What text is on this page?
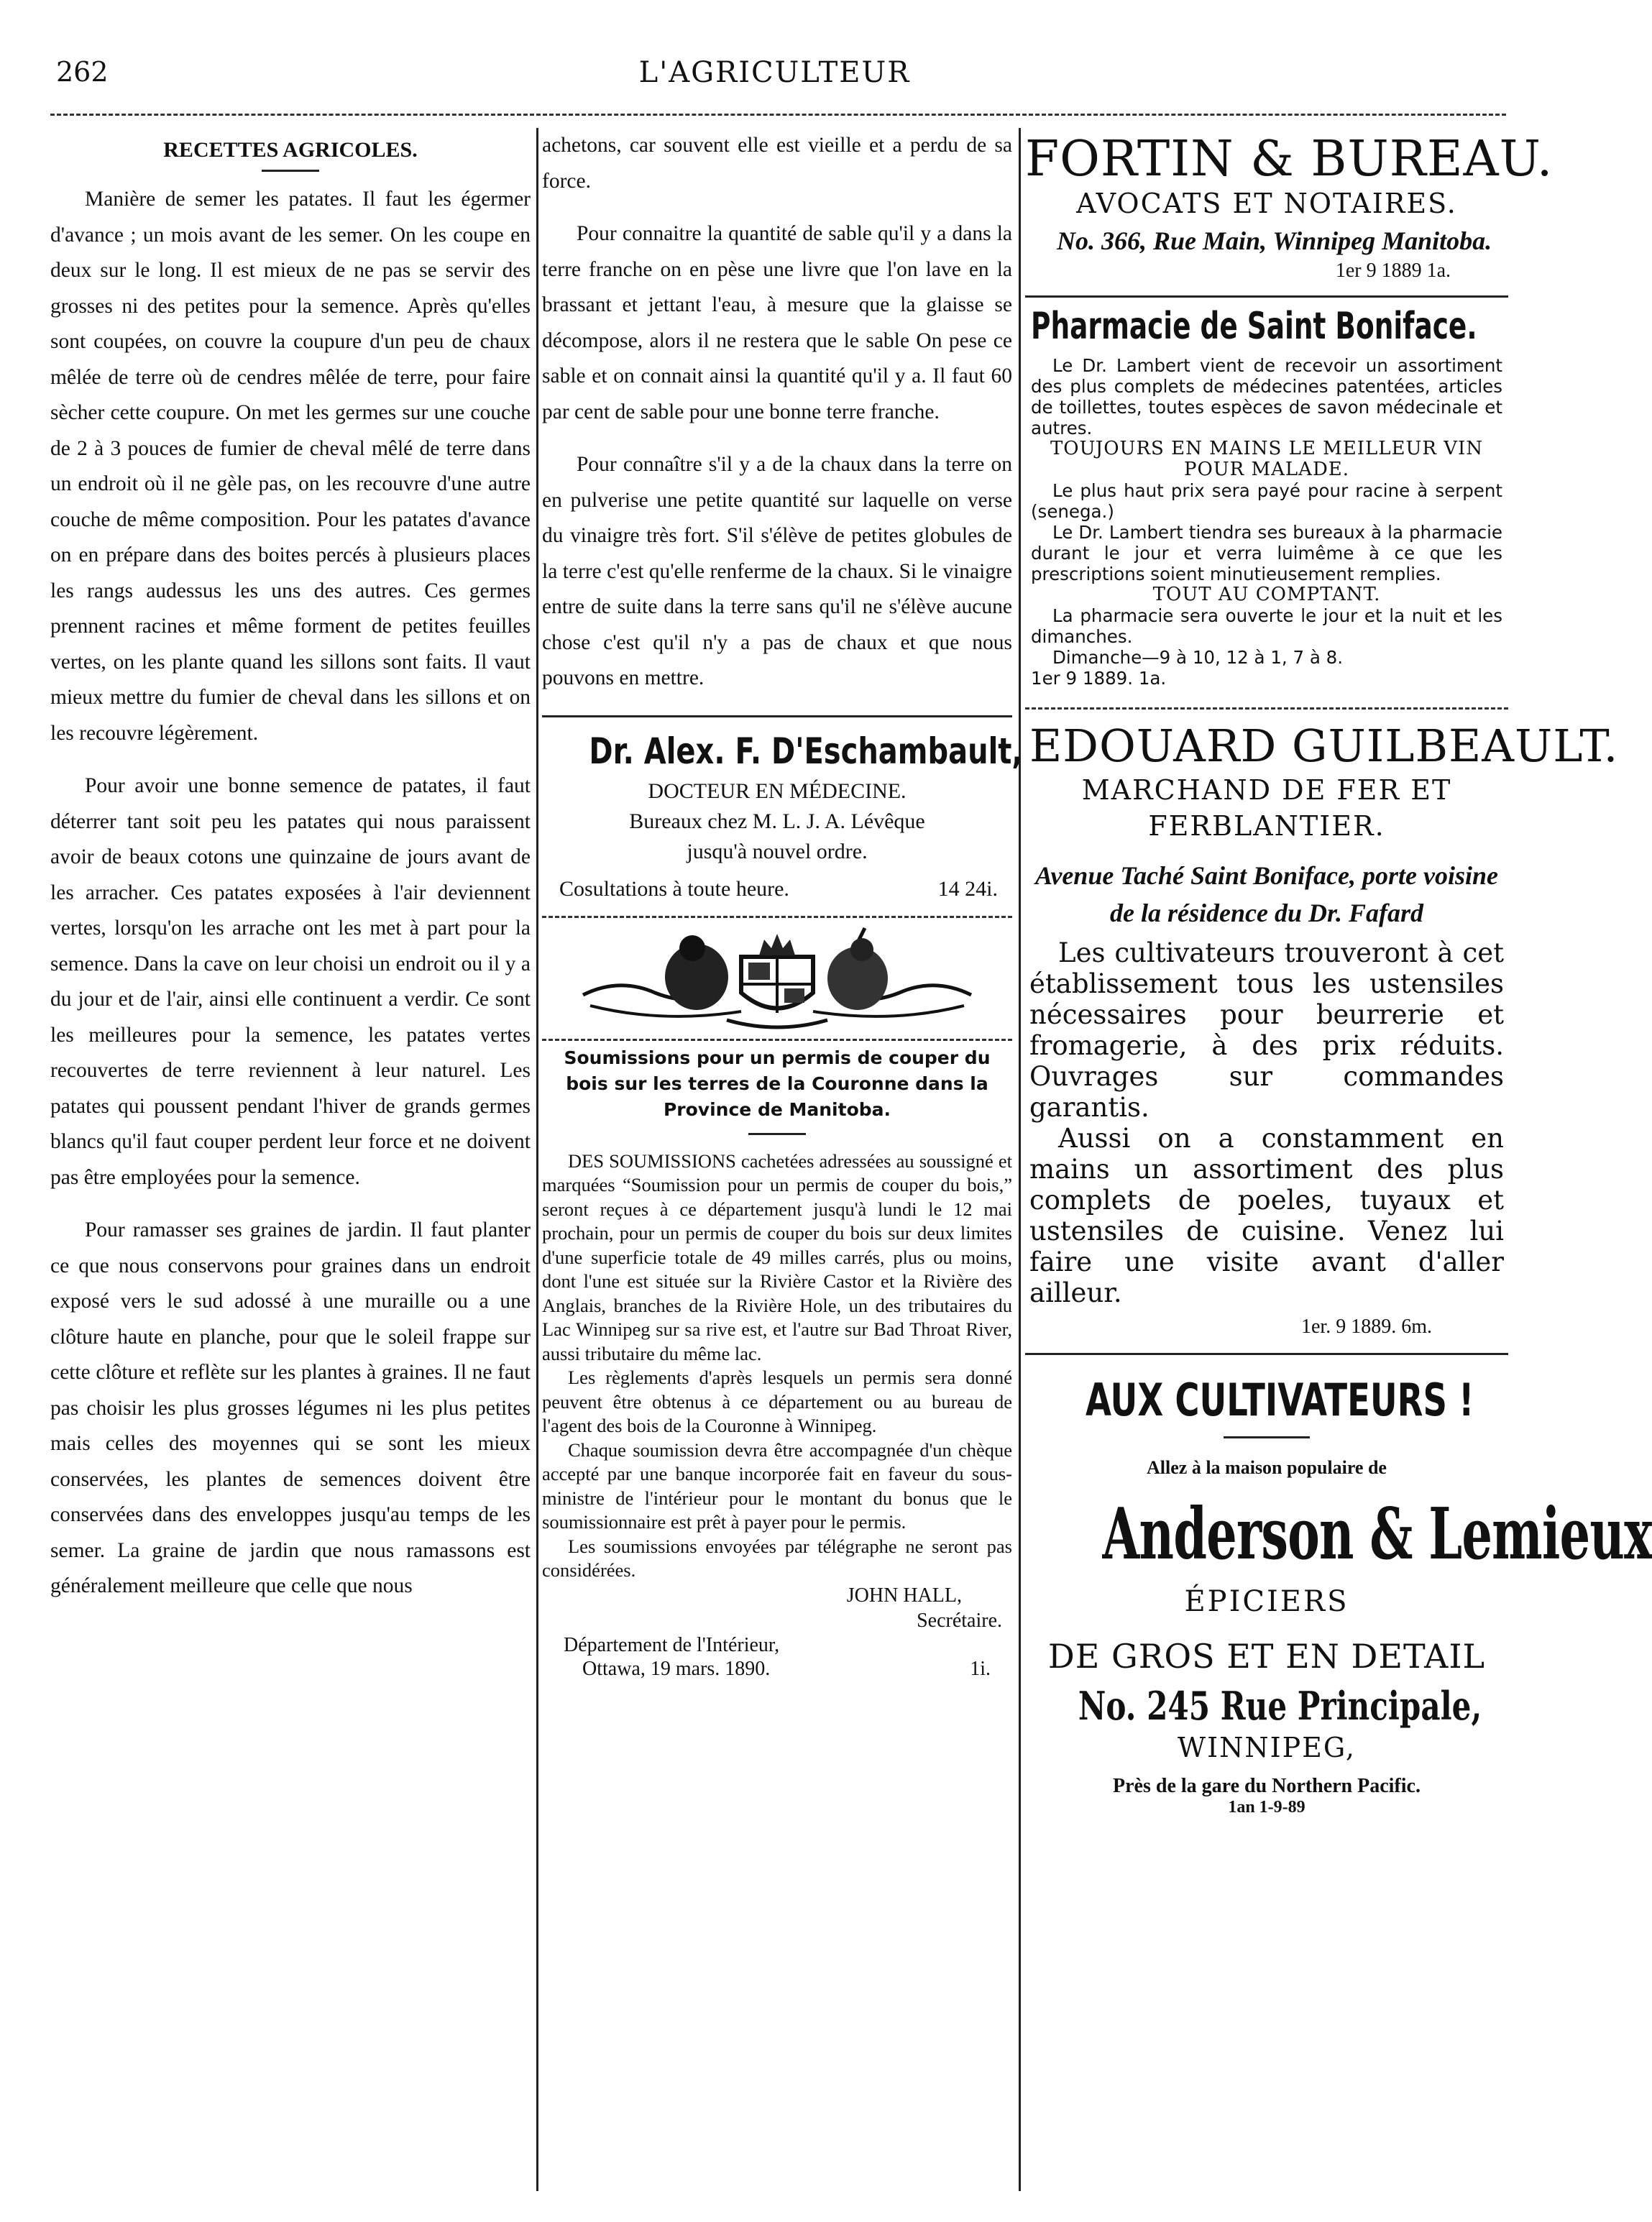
262	L'AGRICULTEUR
RECETTES AGRICOLES.

Manière de semer les patates. Il faut les égermer d'avance ; un mois avant de les semer. On les coupe en deux sur le long. Il est mieux de ne pas se servir des grosses ni des petites pour la semence. Après qu'elles sont coupées, on couvre la coupure d'un peu de chaux mêlée de terre où de cendres mêlée de terre, pour faire sècher cette coupure. On met les germes sur une couche de 2 à 3 pouces de fumier de cheval mêlé de terre dans un endroit où il ne gèle pas, on les recouvre d'une autre couche de même composition. Pour les patates d'avance on en prépare dans des boites percés à plusieurs places les rangs audessus les uns des autres. Ces germes prennent racines et même forment de petites feuilles vertes, on les plante quand les sillons sont faits. Il vaut mieux mettre du fumier de cheval dans les sillons et on les recouvre légèrement.

Pour avoir une bonne semence de patates, il faut déterrer tant soit peu les patates qui nous paraissent avoir de beaux cotons une quinzaine de jours avant de les arracher. Ces patates exposées à l'air deviennent vertes, lorsqu'on les arrache ont les met à part pour la semence. Dans la cave on leur choisi un endroit ou il y a du jour et de l'air, ainsi elle continuent a verdir. Ce sont les meilleures pour la semence, les patates vertes recouvertes de terre reviennent à leur naturel. Les patates qui poussent pendant l'hiver de grands germes blancs qu'il faut couper perdent leur force et ne doivent pas être employées pour la semence.

Pour ramasser ses graines de jardin. Il faut planter ce que nous conservons pour graines dans un endroit exposé vers le sud adossé à une muraille ou a une clôture haute en planche, pour que le soleil frappe sur cette clôture et reflète sur les plantes à graines. Il ne faut pas choisir les plus grosses légumes ni les plus petites mais celles des moyennes qui se sont les mieux conservées, les plantes de semences doivent être conservées dans des enveloppes jusqu'au temps de les semer. La graine de jardin que nous ramassons est généralement meilleure que celle que nous

achetons, car souvent elle est vieille et a perdu de sa force.

Pour connaitre la quantité de sable qu'il y a dans la terre franche on en pèse une livre que l'on lave en la brassant et jettant l'eau, à mesure que la glaisse se décompose, alors il ne restera que le sable On pese ce sable et on connait ainsi la quantité qu'il y a. Il faut 60 par cent de sable pour une bonne terre franche.

Pour connaître s'il y a de la chaux dans la terre on en pulverise une petite quantité sur laquelle on verse du vinaigre très fort. S'il s'élève de petites globules de la terre c'est qu'elle renferme de la chaux. Si le vinaigre entre de suite dans la terre sans qu'il ne s'élève aucune chose c'est qu'il n'y a pas de chaux et que nous pouvons en mettre.

Dr. Alex. F. D'Eschambault,
DOCTEUR EN MÉDECINE.
Bureaux chez M. L. J. A. Lévêque
jusqu'à nouvel ordre.
Cosultations à toute heure.	14 24i.
Soumissions pour un permis de couper du bois sur les terres de la Couronne dans la Province de Manitoba.

DES SOUMISSIONS cachetées adressées au soussigné et marquées “Soumission pour un permis de couper du bois,” seront reçues à ce département jusqu'à lundi le 12 mai prochain, pour un permis de couper du bois sur deux limites d'une superficie totale de 49 milles carrés, plus ou moins, dont l'une est située sur la Rivière Castor et la Rivière des Anglais, branches de la Rivière Hole, un des tributaires du Lac Winnipeg sur sa rive est, et l'autre sur Bad Throat River, aussi tributaire du même lac.

Les règlements d'après lesquels un permis sera donné peuvent être obtenus à ce département ou au bureau de l'agent des bois de la Couronne à Winnipeg.

Chaque soumission devra être accompagnée d'un chèque accepté par une banque incorporée fait en faveur du sous-ministre de l'intérieur pour le montant du bonus que le soumissionnaire est prêt à payer pour le permis.

Les soumissions envoyées par télégraphe ne seront pas considérées.

JOHN HALL,
Secrétaire.
Département de l'Intérieur,
Ottawa, 19 mars. 1890.	1i.
FORTIN & BUREAU.
AVOCATS ET NOTAIRES.
No. 366, Rue Main, Winnipeg Manitoba.
1er 9 1889 1a.
Pharmacie de Saint Boniface.

Le Dr. Lambert vient de recevoir un assortiment des plus complets de médecines patentées, articles de toillettes, toutes espèces de savon médecinale et autres.

TOUJOURS EN MAINS LE MEILLEUR VIN POUR MALADE.

Le plus haut prix sera payé pour racine à serpent (senega.)

Le Dr. Lambert tiendra ses bureaux à la pharmacie durant le jour et verra luimême à ce que les prescriptions soient minutieusement remplies.

TOUT AU COMPTANT.

La pharmacie sera ouverte le jour et la nuit et les dimanches.

Dimanche—9 à 10, 12 à 1, 7 à 8.

1er 9 1889. 1a.

EDOUARD GUILBEAULT.
MARCHAND DE FER ET FERBLANTIER.
Avenue Taché Saint Boniface, porte voisine de la résidence du Dr. Fafard

Les cultivateurs trouveront à cet établissement tous les ustensiles nécessaires pour beurrerie et fromagerie, à des prix réduits. Ouvrages sur commandes garantis.

Aussi on a constamment en mains un assortiment des plus complets de poeles, tuyaux et ustensiles de cuisine. Venez lui faire une visite avant d'aller ailleur.

1er. 9 1889. 6m.
AUX CULTIVATEURS !
Allez à la maison populaire de
Anderson & Lemieux
ÉPICIERS
DE GROS ET EN DETAIL
No. 245 Rue Principale,
WINNIPEG,
Près de la gare du Northern Pacific.
1an 1-9-89
